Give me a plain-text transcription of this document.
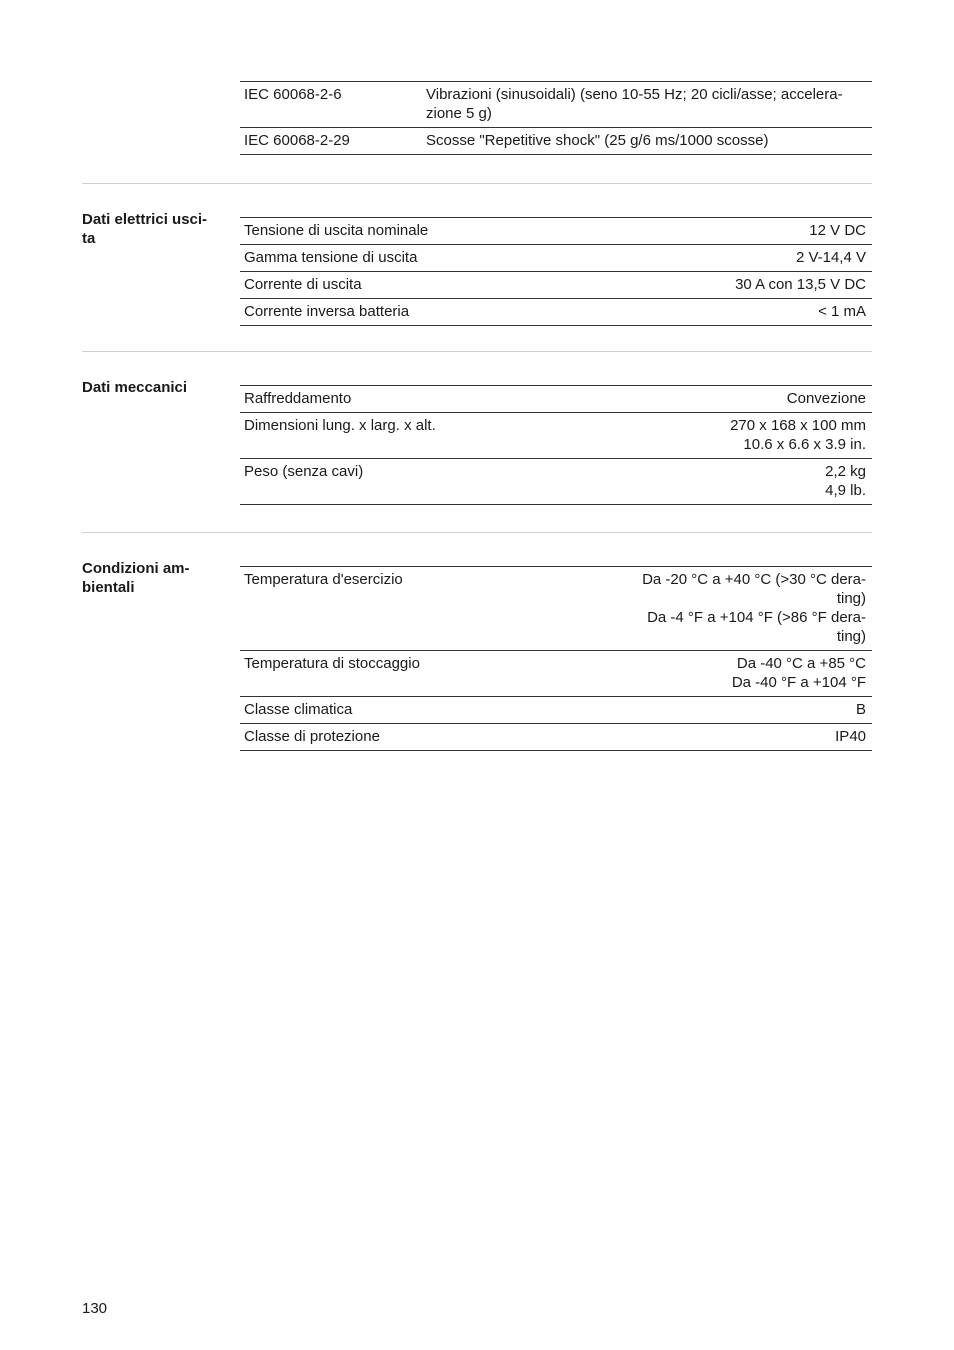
IEC 60068-2-6	Vibrazioni (sinusoidali) (seno 10-55 Hz; 20 cicli/asse; accelera-
zione 5 g)
IEC 60068-2-29	Scosse "Repetitive shock" (25 g/6 ms/1000 scosse)
Dati elettrici usci-
ta	Tensione di uscita nominale	12 V DC
Gamma tensione di uscita	2 V-14,4 V
Corrente di uscita	30 A con 13,5 V DC
Corrente inversa batteria	< 1 mA
Dati meccanici
Raffreddamento	Convezione
Dimensioni lung. x larg. x alt.	270 x 168 x 100 mm
10.6 x 6.6 x 3.9 in.
Peso (senza cavi)	2,2 kg
4,9 lb.
Condizioni am-
bientali	Temperatura d'esercizio	Da -20 °C a +40 °C (>30 °C dera-
ting)
Da -4 °F a +104 °F (>86 °F dera-
ting)
Temperatura di stoccaggio	Da -40 °C a +85 °C
Da -40 °F a +104 °F
Classe climatica	B
Classe di protezione	IP40
130
